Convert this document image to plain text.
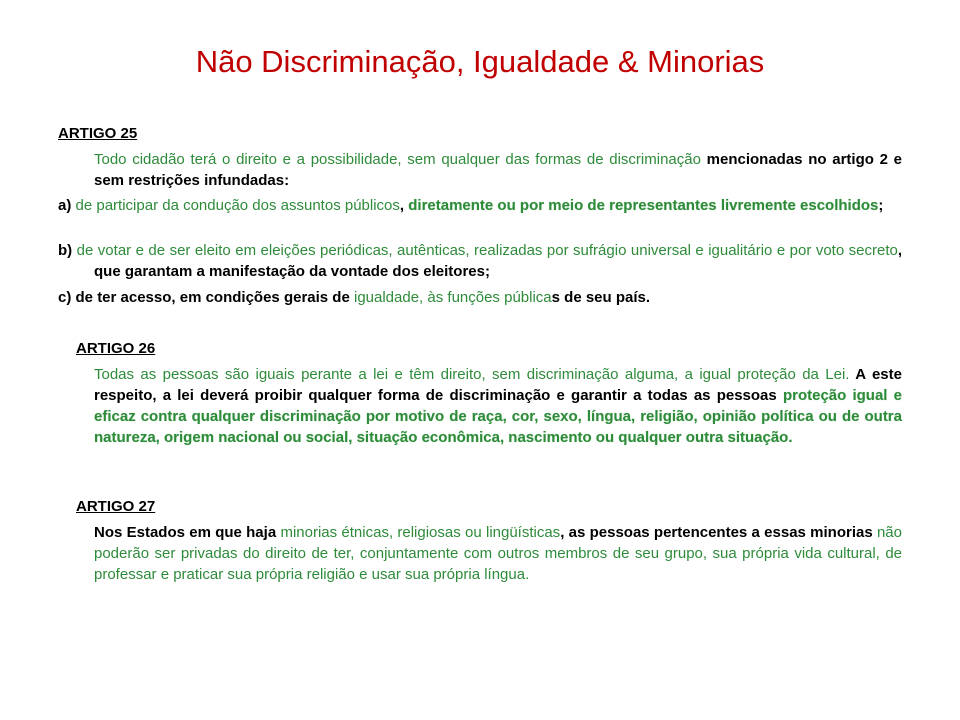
Não Discriminação, Igualdade & Minorias
ARTIGO 25
Todo cidadão terá o direito e a possibilidade, sem qualquer das formas de discriminação mencionadas no artigo 2 e sem restrições infundadas:
a) de participar da condução dos assuntos públicos, diretamente ou por meio de representantes livremente escolhidos;
b) de votar e de ser eleito em eleições periódicas, autênticas, realizadas por sufrágio universal e igualitário e por voto secreto, que garantam a manifestação da vontade dos eleitores;
c) de ter acesso, em condições gerais de igualdade, às funções públicas de seu país.
ARTIGO 26
Todas as pessoas são iguais perante a lei e têm direito, sem discriminação alguma, a igual proteção da Lei. A este respeito, a lei deverá proibir qualquer forma de discriminação e garantir a todas as pessoas proteção igual e eficaz contra qualquer discriminação por motivo de raça, cor, sexo, língua, religião, opinião política ou de outra natureza, origem nacional ou social, situação econômica, nascimento ou qualquer outra situação.
ARTIGO 27
Nos Estados em que haja minorias étnicas, religiosas ou lingüísticas, as pessoas pertencentes a essas minorias não poderão ser privadas do direito de ter, conjuntamente com outros membros de seu grupo, sua própria vida cultural, de professar e praticar sua própria religião e usar sua própria língua.
